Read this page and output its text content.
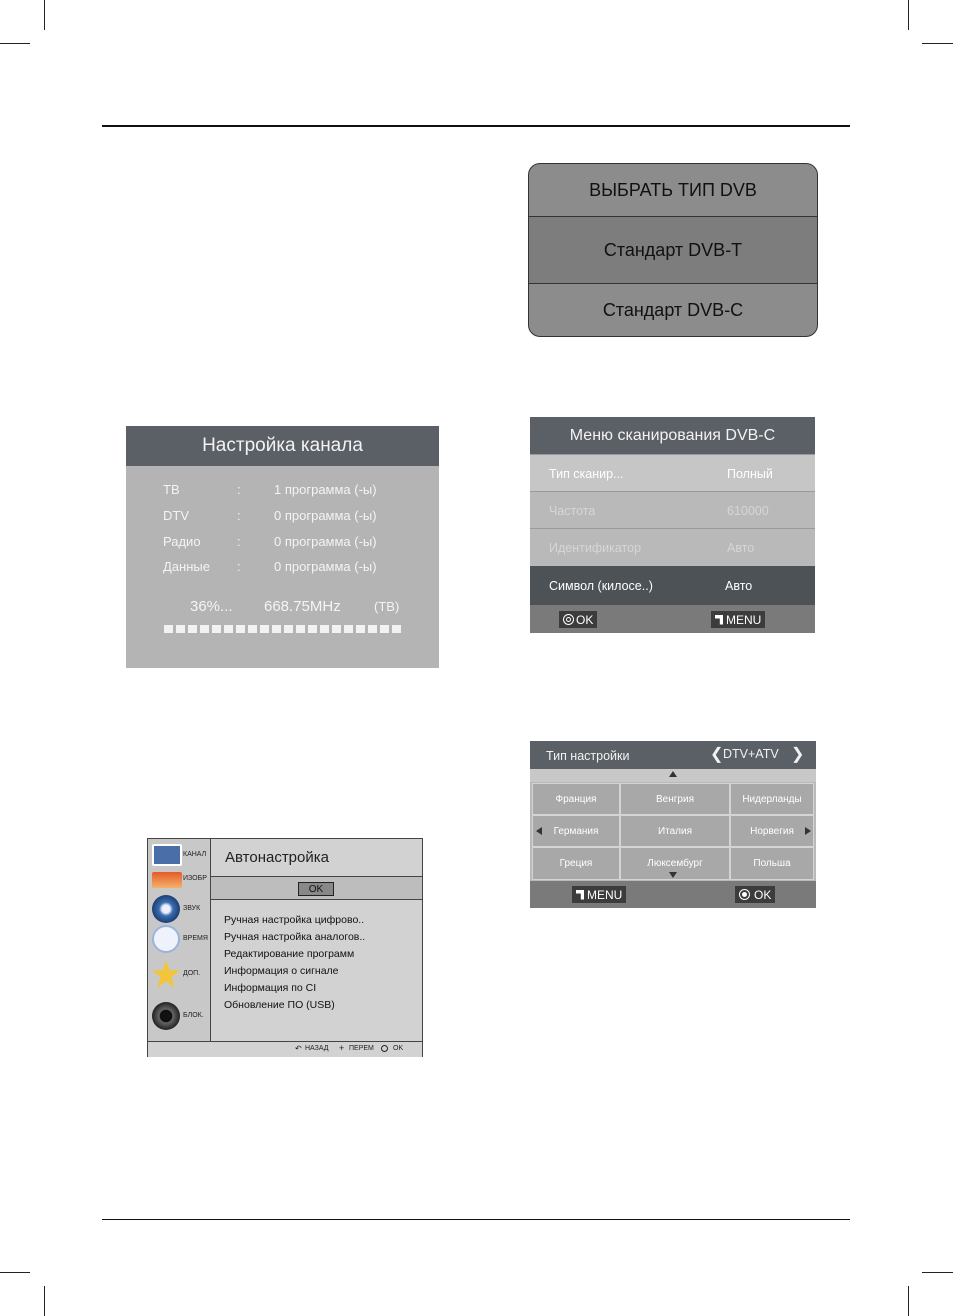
ВЫБРАТЬ ТИП DVB
Стандарт DVB-T
Стандарт DVB-C
Настройка канала
ТВ	:	1 программа (-ы)
DTV	:	0 программа (-ы)
Радио	:	0 программа (-ы)
Данные :	0 программа (-ы)
36%... 668.75MHz	(ТВ)
Меню сканирования DVB-C
Тип сканир...	Полный
Частота	610000
Идентификатор	Авто
Символ (килосе..)	Авто
OK	MENU
Тип настройки	❮ DTV+ATV ❯
Франция	Венгрия	Нидерланды
Германия	Италия	Норвегия
Греция	Люксембург	Польша
MENU	OK
КАНАЛ
ИЗОБР
ЗВУК
ВРЕМЯ
ДОП.
БЛОК.
Автонастройка
OK
Ручная настройка цифрово..
Ручная настройка аналогов..
Редактирование программ
Информация о сигнале
Информация по CI
Обновление ПО (USB)
↶ НАЗАД + ПЕРЕМ	OK
